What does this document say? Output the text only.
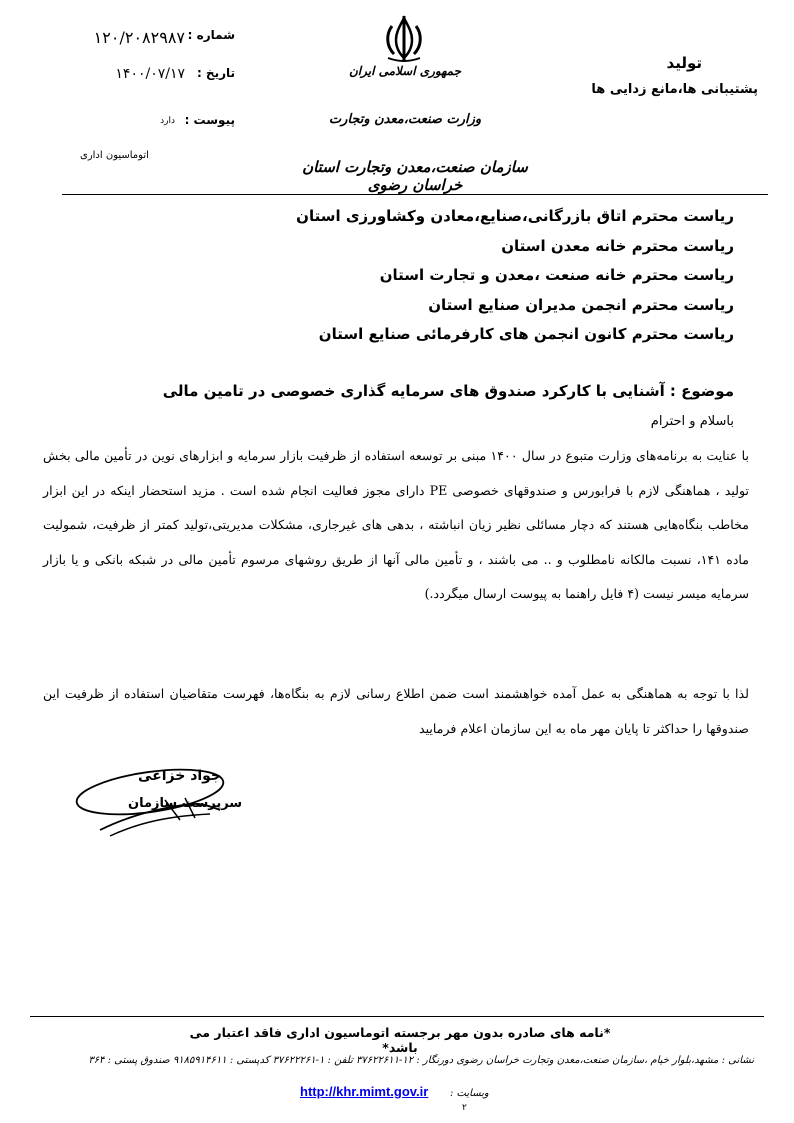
شماره :
۱۲۰/۲۰۸۲۹۸۷
تاریخ :
۱۴۰۰/۰۷/۱۷
پیوست :
دارد
اتوماسیون اداری
جمهوری اسلامی ایران
وزارت صنعت،معدن وتجارت
سازمان صنعت،معدن وتجارت استان خراسان رضوی
تولید
پشتیبانی ها،مانع زدایی ها
ریاست محترم اتاق بازرگانی،صنایع،معادن وکشاورزی استان
ریاست محترم خانه معدن استان
ریاست محترم خانه صنعت ،معدن و تجارت استان
ریاست محترم انجمن مدیران صنایع استان
ریاست محترم کانون انجمن های کارفرمائی صنایع استان
موضوع : آشنایی با کارکرد صندوق های سرمایه گذاری خصوصی در تامین مالی
باسلام و احترام

با عنایت به برنامه‌های وزارت متبوع در سال ۱۴۰۰ مبنی بر توسعه استفاده از ظرفیت بازار سرمایه و ابزارهای نوین در تأمین مالی بخش تولید ، هماهنگی لازم با فرابورس و صندوقهای خصوصی PE دارای مجوز فعالیت انجام شده است . مزید استحضار اینکه در این ابزار مخاطب بنگاه‌هایی هستند که دچار مسائلی نظیر زیان انباشته ، بدهی های غیرجاری، مشکلات مدیریتی،تولید کمتر از ظرفیت، شمولیت ماده ۱۴۱، نسبت مالکانه نامطلوب و .. می باشند ، و تأمین مالی آنها از طریق روشهای مرسوم تأمین مالی در شبکه بانکی و یا بازار سرمایه میسر نیست (۴ فایل راهنما به پیوست ارسال میگردد.)

لذا با توجه به هماهنگی به عمل آمده خواهشمند است ضمن اطلاع رسانی لازم به بنگاه‌ها، فهرست متقاضیان استفاده از ظرفیت این صندوقها را حداکثر تا پایان مهر ماه به این سازمان اعلام فرمایید

جواد خزاعی
سرپرست سازمان
*نامه های صادره بدون مهر برجسته اتوماسیون اداری فاقد اعتبار می باشد*
نشانی : مشهد،بلوار خیام ،سازمان صنعت،معدن وتجارت خراسان رضوی دورنگار : ۱۲-۳۷۶۲۲۶۱۱ تلفن : ۱-۳۷۶۲۲۲۶۱ کدپستی : ۹۱۸۵۹۱۴۶۱۱ صندوق پستی : ۳۶۴
وبسایت :
http://khr.mimt.gov.ir
۲
